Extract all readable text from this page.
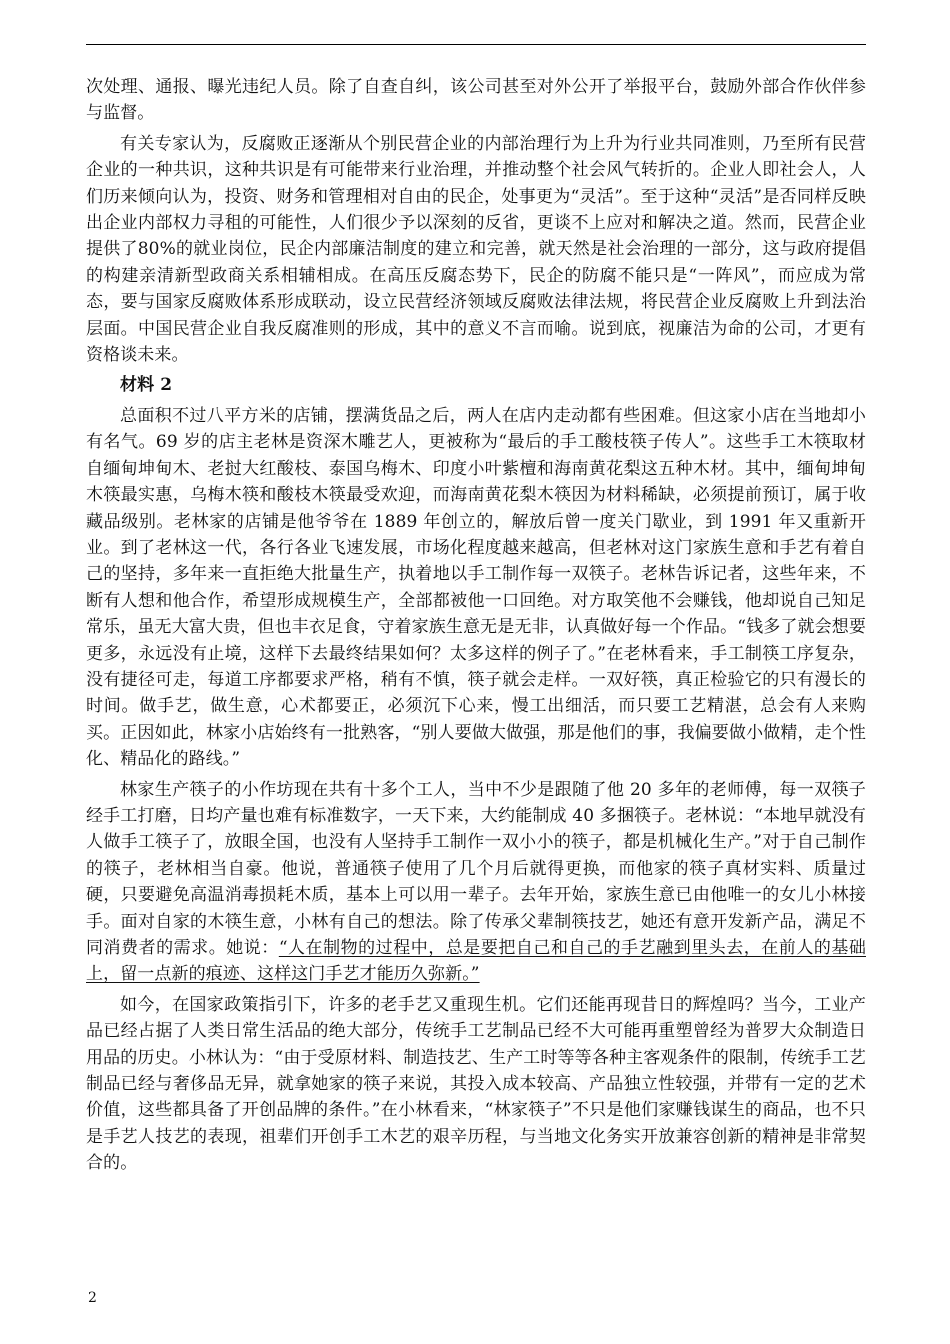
次处理、通报、曝光违纪人员。除了自查自纠，该公司甚至对外公开了举报平台，鼓励外部合作伙伴参与监督。

有关专家认为，反腐败正逐渐从个别民营企业的内部治理行为上升为行业共同准则，乃至所有民营企业的一种共识，这种共识是有可能带来行业治理，并推动整个社会风气转折的。企业人即社会人，人们历来倾向认为，投资、财务和管理相对自由的民企，处事更为“灵活”。至于这种“灵活”是否同样反映出企业内部权力寻租的可能性，人们很少予以深刻的反省，更谈不上应对和解决之道。然而，民营企业提供了80%的就业岗位，民企内部廉洁制度的建立和完善，就天然是社会治理的一部分，这与政府提倡的构建亲清新型政商关系相辅相成。在高压反腐态势下，民企的防腐不能只是“一阵风”，而应成为常态，要与国家反腐败体系形成联动，设立民营经济领域反腐败法律法规，将民营企业反腐败上升到法治层面。中国民营企业自我反腐准则的形成，其中的意义不言而喻。说到底，视廉洁为命的公司，才更有资格谈未来。

材料 2

总面积不过八平方米的店铺，摆满货品之后，两人在店内走动都有些困难。但这家小店在当地却小有名气。69 岁的店主老林是资深木雕艺人，更被称为“最后的手工酸枝筷子传人”。这些手工木筷取材自缅甸坤甸木、老挝大红酸枝、泰国乌梅木、印度小叶紫檀和海南黄花梨这五种木材。其中，缅甸坤甸木筷最实惠，乌梅木筷和酸枝木筷最受欢迎，而海南黄花梨木筷因为材料稀缺，必须提前预订，属于收藏品级别。老林家的店铺是他爷爷在 1889 年创立的，解放后曾一度关门歇业，到 1991 年又重新开业。到了老林这一代，各行各业飞速发展，市场化程度越来越高，但老林对这门家族生意和手艺有着自己的坚持，多年来一直拒绝大批量生产，执着地以手工制作每一双筷子。老林告诉记者，这些年来，不断有人想和他合作，希望形成规模生产，全部都被他一口回绝。对方取笑他不会赚钱，他却说自己知足常乐，虽无大富大贵，但也丰衣足食，守着家族生意无是无非，认真做好每一个作品。“钱多了就会想要更多，永远没有止境，这样下去最终结果如何？太多这样的例子了。”在老林看来，手工制筷工序复杂，没有捷径可走，每道工序都要求严格，稍有不慎，筷子就会走样。一双好筷，真正检验它的只有漫长的时间。做手艺，做生意，心术都要正，必须沉下心来，慢工出细活，而只要工艺精湛，总会有人来购买。正因如此，林家小店始终有一批熟客，“别人要做大做强，那是他们的事，我偏要做小做精，走个性化、精品化的路线。”

林家生产筷子的小作坊现在共有十多个工人，当中不少是跟随了他 20 多年的老师傅，每一双筷子经手工打磨，日均产量也难有标准数字，一天下来，大约能制成 40 多捆筷子。老林说：“本地早就没有人做手工筷子了，放眼全国，也没有人坚持手工制作一双小小的筷子，都是机械化生产。”对于自己制作的筷子，老林相当自豪。他说，普通筷子使用了几个月后就得更换，而他家的筷子真材实料、质量过硬，只要避免高温消毒损耗木质，基本上可以用一辈子。去年开始，家族生意已由他唯一的女儿小林接手。面对自家的木筷生意，小林有自己的想法。除了传承父辈制筷技艺，她还有意开发新产品，满足不同消费者的需求。她说：“人在制物的过程中，总是要把自己和自己的手艺融到里头去，在前人的基础上，留一点新的痕迹、这样这门手艺才能历久弥新。”

如今，在国家政策指引下，许多的老手艺又重现生机。它们还能再现昔日的辉煌吗？当今，工业产品已经占据了人类日常生活品的绝大部分，传统手工艺制品已经不大可能再重塑曾经为普罗大众制造日用品的历史。小林认为：“由于受原材料、制造技艺、生产工时等等各种主客观条件的限制，传统手工艺制品已经与奢侈品无异，就拿她家的筷子来说，其投入成本较高、产品独立性较强，并带有一定的艺术价值，这些都具备了开创品牌的条件。”在小林看来，“林家筷子”不只是他们家赚钱谋生的商品，也不只是手艺人技艺的表现，祖辈们开创手工木艺的艰辛历程，与当地文化务实开放兼容创新的精神是非常契合的。

2
